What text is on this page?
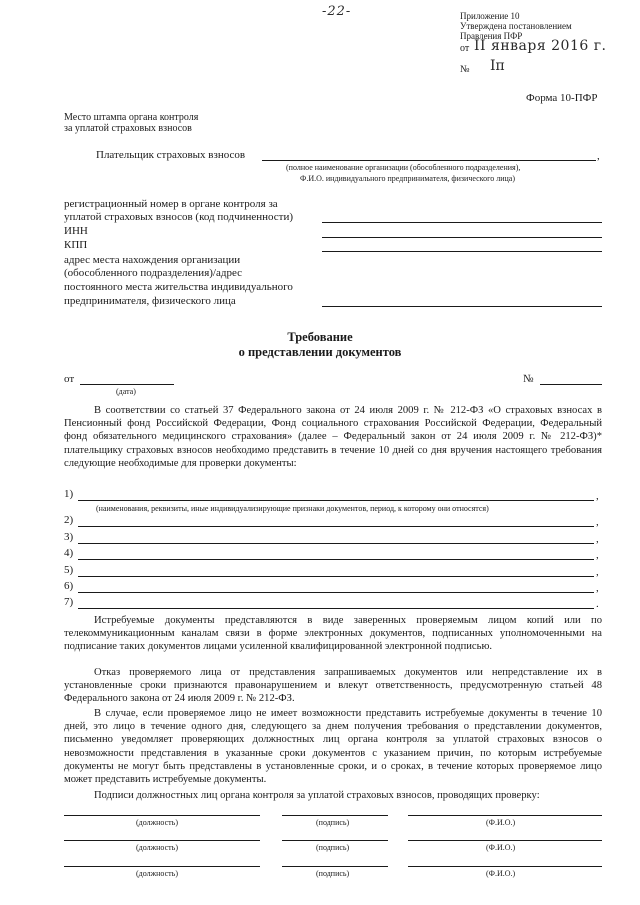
-22-	Приложение 10
Утверждена постановлением
Правления ПФР
от II января 2016 г.
№ Iп
Форма 10-ПФР
Место штампа органа контроля
за уплатой страховых взносов
Плательщик страховых взносов	,
(полное наименование организации (обособленного подразделения),
Ф.И.О. индивидуального предпринимателя, физического лица)
регистрационный номер в органе контроля за
уплатой страховых взносов (код подчиненности)
ИНН
КПП
адрес места нахождения организации
(обособленного подразделения)/адрес
постоянного места жительства индивидуального
предпринимателя, физического лица
Требование
о представлении документов
от
(дата)
№
В соответствии со статьей 37 Федерального закона от 24 июля 2009 г. № 212-ФЗ «О страховых взносах в Пенсионный фонд Российской Федерации, Фонд социального страхования Российской Федерации, Федеральный фонд обязательного медицинского страхования» (далее – Федеральный закон от 24 июля 2009 г. № 212-ФЗ)* плательщику страховых взносов необходимо представить в течение 10 дней со дня вручения настоящего требования следующие необходимые для проверки документы:
1)	,
(наименования, реквизиты, иные индивидуализирующие признаки документов, период, к которому они относятся)
2)	,
3)	,
4)	,
5)	,
6)	,
7)	.
Истребуемые документы представляются в виде заверенных проверяемым лицом копий или по телекоммуникационным каналам связи в форме электронных документов, подписанных уполномоченными на подписание таких документов лицами усиленной квалифицированной электронной подписью.
Отказ проверяемого лица от представления запрашиваемых документов или непредставление их в установленные сроки признаются правонарушением и влекут ответственность, предусмотренную статьей 48 Федерального закона от 24 июля 2009 г. № 212-ФЗ.
В случае, если проверяемое лицо не имеет возможности представить истребуемые документы в течение 10 дней, это лицо в течение одного дня, следующего за днем получения требования о представлении документов, письменно уведомляет проверяющих должностных лиц органа контроля за уплатой страховых взносов о невозможности представления в указанные сроки документов с указанием причин, по которым истребуемые документы не могут быть представлены в установленные сроки, и о сроках, в течение которых проверяемое лицо может представить истребуемые документы.
Подписи должностных лиц органа контроля за уплатой страховых взносов, проводящих проверку:
(должность)	(подпись)	(Ф.И.О.)
(должность)	(подпись)	(Ф.И.О.)
(должность)	(подпись)	(Ф.И.О.)
